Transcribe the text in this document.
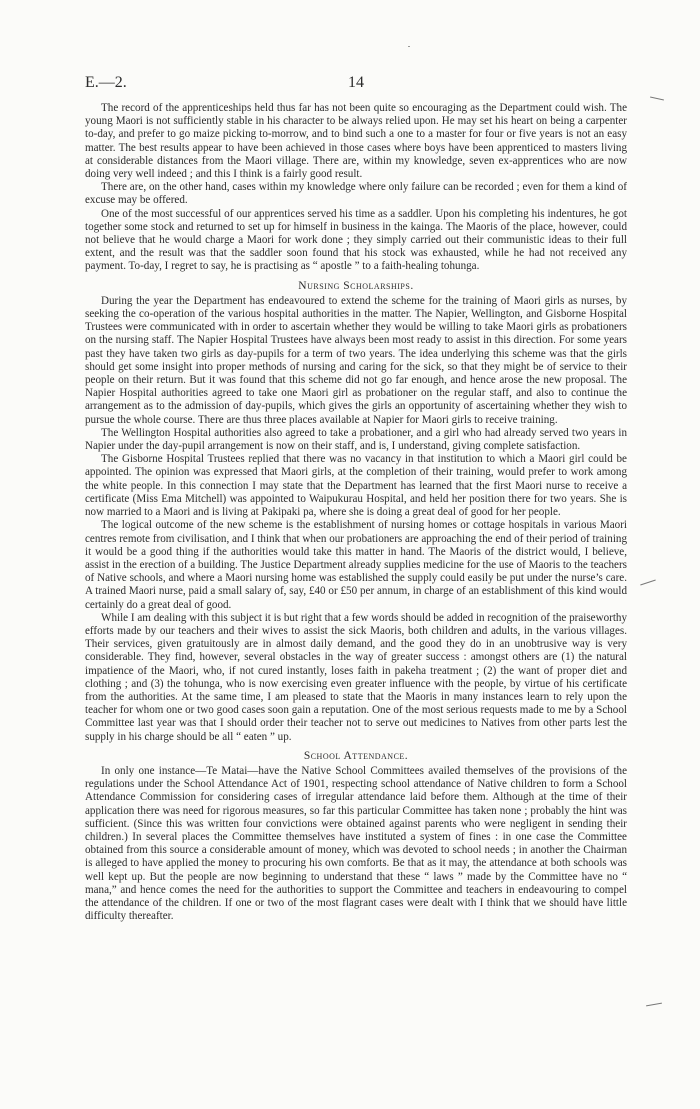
E.—2.	14

The record of the apprenticeships held thus far has not been quite so encouraging as the Department could wish. The young Maori is not sufficiently stable in his character to be always relied upon. He may set his heart on being a carpenter to-day, and prefer to go maize picking to-morrow, and to bind such a one to a master for four or five years is not an easy matter. The best results appear to have been achieved in those cases where boys have been apprenticed to masters living at considerable distances from the Maori village. There are, within my knowledge, seven ex-apprentices who are now doing very well indeed ; and this I think is a fairly good result.

There are, on the other hand, cases within my knowledge where only failure can be recorded ; even for them a kind of excuse may be offered.

One of the most successful of our apprentices served his time as a saddler. Upon his completing his indentures, he got together some stock and returned to set up for himself in business in the kainga. The Maoris of the place, however, could not believe that he would charge a Maori for work done ; they simply carried out their communistic ideas to their full extent, and the result was that the saddler soon found that his stock was exhausted, while he had not received any payment. To-day, I regret to say, he is practising as “ apostle ” to a faith-healing tohunga.

Nursing Scholarships.

During the year the Department has endeavoured to extend the scheme for the training of Maori girls as nurses, by seeking the co-operation of the various hospital authorities in the matter. The Napier, Wellington, and Gisborne Hospital Trustees were communicated with in order to ascertain whether they would be willing to take Maori girls as probationers on the nursing staff. The Napier Hospital Trustees have always been most ready to assist in this direction. For some years past they have taken two girls as day-pupils for a term of two years. The idea underlying this scheme was that the girls should get some insight into proper methods of nursing and caring for the sick, so that they might be of service to their people on their return. But it was found that this scheme did not go far enough, and hence arose the new proposal. The Napier Hospital authorities agreed to take one Maori girl as probationer on the regular staff, and also to continue the arrangement as to the admission of day-pupils, which gives the girls an opportunity of ascertaining whether they wish to pursue the whole course. There are thus three places available at Napier for Maori girls to receive training.

The Wellington Hospital authorities also agreed to take a probationer, and a girl who had already served two years in Napier under the day-pupil arrangement is now on their staff, and is, I understand, giving complete satisfaction.

The Gisborne Hospital Trustees replied that there was no vacancy in that institution to which a Maori girl could be appointed. The opinion was expressed that Maori girls, at the completion of their training, would prefer to work among the white people. In this connection I may state that the Department has learned that the first Maori nurse to receive a certificate (Miss Ema Mitchell) was appointed to Waipukurau Hospital, and held her position there for two years. She is now married to a Maori and is living at Pakipaki pa, where she is doing a great deal of good for her people.

The logical outcome of the new scheme is the establishment of nursing homes or cottage hospitals in various Maori centres remote from civilisation, and I think that when our probationers are approaching the end of their period of training it would be a good thing if the authorities would take this matter in hand. The Maoris of the district would, I believe, assist in the erection of a building. The Justice Department already supplies medicine for the use of Maoris to the teachers of Native schools, and where a Maori nursing home was established the supply could easily be put under the nurse’s care. A trained Maori nurse, paid a small salary of, say, £40 or £50 per annum, in charge of an establishment of this kind would certainly do a great deal of good.

While I am dealing with this subject it is but right that a few words should be added in recognition of the praiseworthy efforts made by our teachers and their wives to assist the sick Maoris, both children and adults, in the various villages. Their services, given gratuitously are in almost daily demand, and the good they do in an unobtrusive way is very considerable. They find, however, several obstacles in the way of greater success : amongst others are (1) the natural impatience of the Maori, who, if not cured instantly, loses faith in pakeha treatment ; (2) the want of proper diet and clothing ; and (3) the tohunga, who is now exercising even greater influence with the people, by virtue of his certificate from the authorities. At the same time, I am pleased to state that the Maoris in many instances learn to rely upon the teacher for whom one or two good cases soon gain a reputation. One of the most serious requests made to me by a School Committee last year was that I should order their teacher not to serve out medicines to Natives from other parts lest the supply in his charge should be all “ eaten ” up.

School Attendance.

In only one instance—Te Matai—have the Native School Committees availed themselves of the provisions of the regulations under the School Attendance Act of 1901, respecting school attendance of Native children to form a School Attendance Commission for considering cases of irregular attendance laid before them. Although at the time of their application there was need for rigorous measures, so far this particular Committee has taken none ; probably the hint was sufficient. (Since this was written four convictions were obtained against parents who were negligent in sending their children.) In several places the Committee themselves have instituted a system of fines : in one case the Committee obtained from this source a considerable amount of money, which was devoted to school needs ; in another the Chairman is alleged to have applied the money to procuring his own comforts. Be that as it may, the attendance at both schools was well kept up. But the people are now beginning to understand that these “ laws ” made by the Committee have no “ mana,” and hence comes the need for the authorities to support the Committee and teachers in endeavouring to compel the attendance of the children. If one or two of the most flagrant cases were dealt with I think that we should have little difficulty thereafter.
